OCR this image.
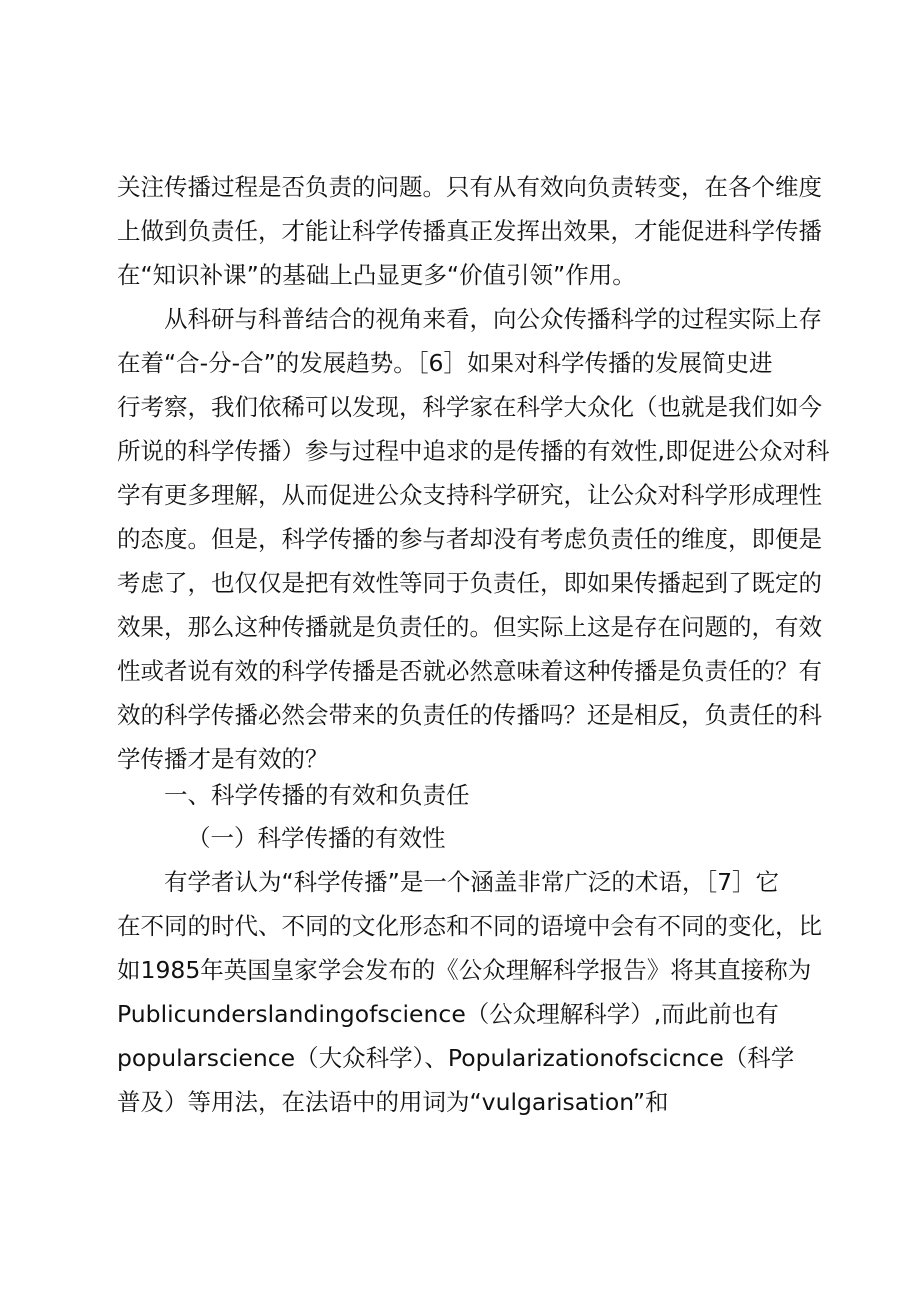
关注传播过程是否负责的问题。只有从有效向负责转变，在各个维度
上做到负责任，才能让科学传播真正发挥出效果，才能促进科学传播
在“知识补课”的基础上凸显更多“价值引领”作用。
从科研与科普结合的视角来看，向公众传播科学的过程实际上存
在着“合-分-合”的发展趋势。［6］如果对科学传播的发展简史进
行考察，我们依稀可以发现，科学家在科学大众化（也就是我们如今
所说的科学传播）参与过程中追求的是传播的有效性,即促进公众对科
学有更多理解，从而促进公众支持科学研究，让公众对科学形成理性
的态度。但是，科学传播的参与者却没有考虑负责任的维度，即便是
考虑了，也仅仅是把有效性等同于负责任，即如果传播起到了既定的
效果，那么这种传播就是负责任的。但实际上这是存在问题的，有效
性或者说有效的科学传播是否就必然意味着这种传播是负责任的？有
效的科学传播必然会带来的负责任的传播吗？还是相反，负责任的科
学传播才是有效的？
一、科学传播的有效和负责任
（一）科学传播的有效性
有学者认为“科学传播”是一个涵盖非常广泛的术语，［7］它
在不同的时代、不同的文化形态和不同的语境中会有不同的变化，比
如1985年英国皇家学会发布的《公众理解科学报告》将其直接称为
Publicunderslandingofscience（公众理解科学）,而此前也有
popularscience（大众科学）、Popularizationofscicnce（科学
普及）等用法，在法语中的用词为“vulgarisation”和
